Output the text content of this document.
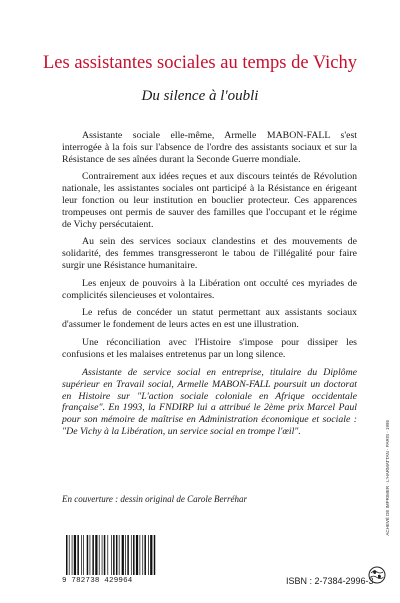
Les assistantes sociales au temps de Vichy
Du silence à l'oubli

Assistante sociale elle-même, Armelle MABON-FALL s'est interrogée à la fois sur l'absence de l'ordre des assistants sociaux et sur la Résistance de ses aînées durant la Seconde Guerre mondiale.

Contrairement aux idées reçues et aux discours teintés de Révolution nationale, les assistantes sociales ont participé à la Résistance en érigeant leur fonction ou leur institution en bouclier protecteur. Ces apparences trompeuses ont permis de sauver des familles que l'occupant et le régime de Vichy persécutaient.

Au sein des services sociaux clandestins et des mouvements de solidarité, des femmes transgresseront le tabou de l'illégalité pour faire surgir une Résistance humanitaire.

Les enjeux de pouvoirs à la Libération ont occulté ces myriades de complicités silencieuses et volontaires.

Le refus de concéder un statut permettant aux assistants sociaux d'assumer le fondement de leurs actes en est une illustration.

Une réconciliation avec l'Histoire s'impose pour dissiper les confusions et les malaises entretenus par un long silence.

Assistante de service social en entreprise, titulaire du Diplôme supérieur en Travail social, Armelle MABON-FALL poursuit un doctorat en Histoire sur "L'action sociale coloniale en Afrique occidentale française". En 1993, la FNDIRP lui a attribué le 2ème prix Marcel Paul pour son mémoire de maîtrise en Administration économique et sociale : "De Vichy à la Libération, un service social en trompe l'œil".

En couverture : dessin original de Carole Berréhar
9 782738 429964	ISBN : 2-7384-2996-3
ACHEVÉ DE IMPRIMER · L'HARMATTAN · PARIS · 1995
